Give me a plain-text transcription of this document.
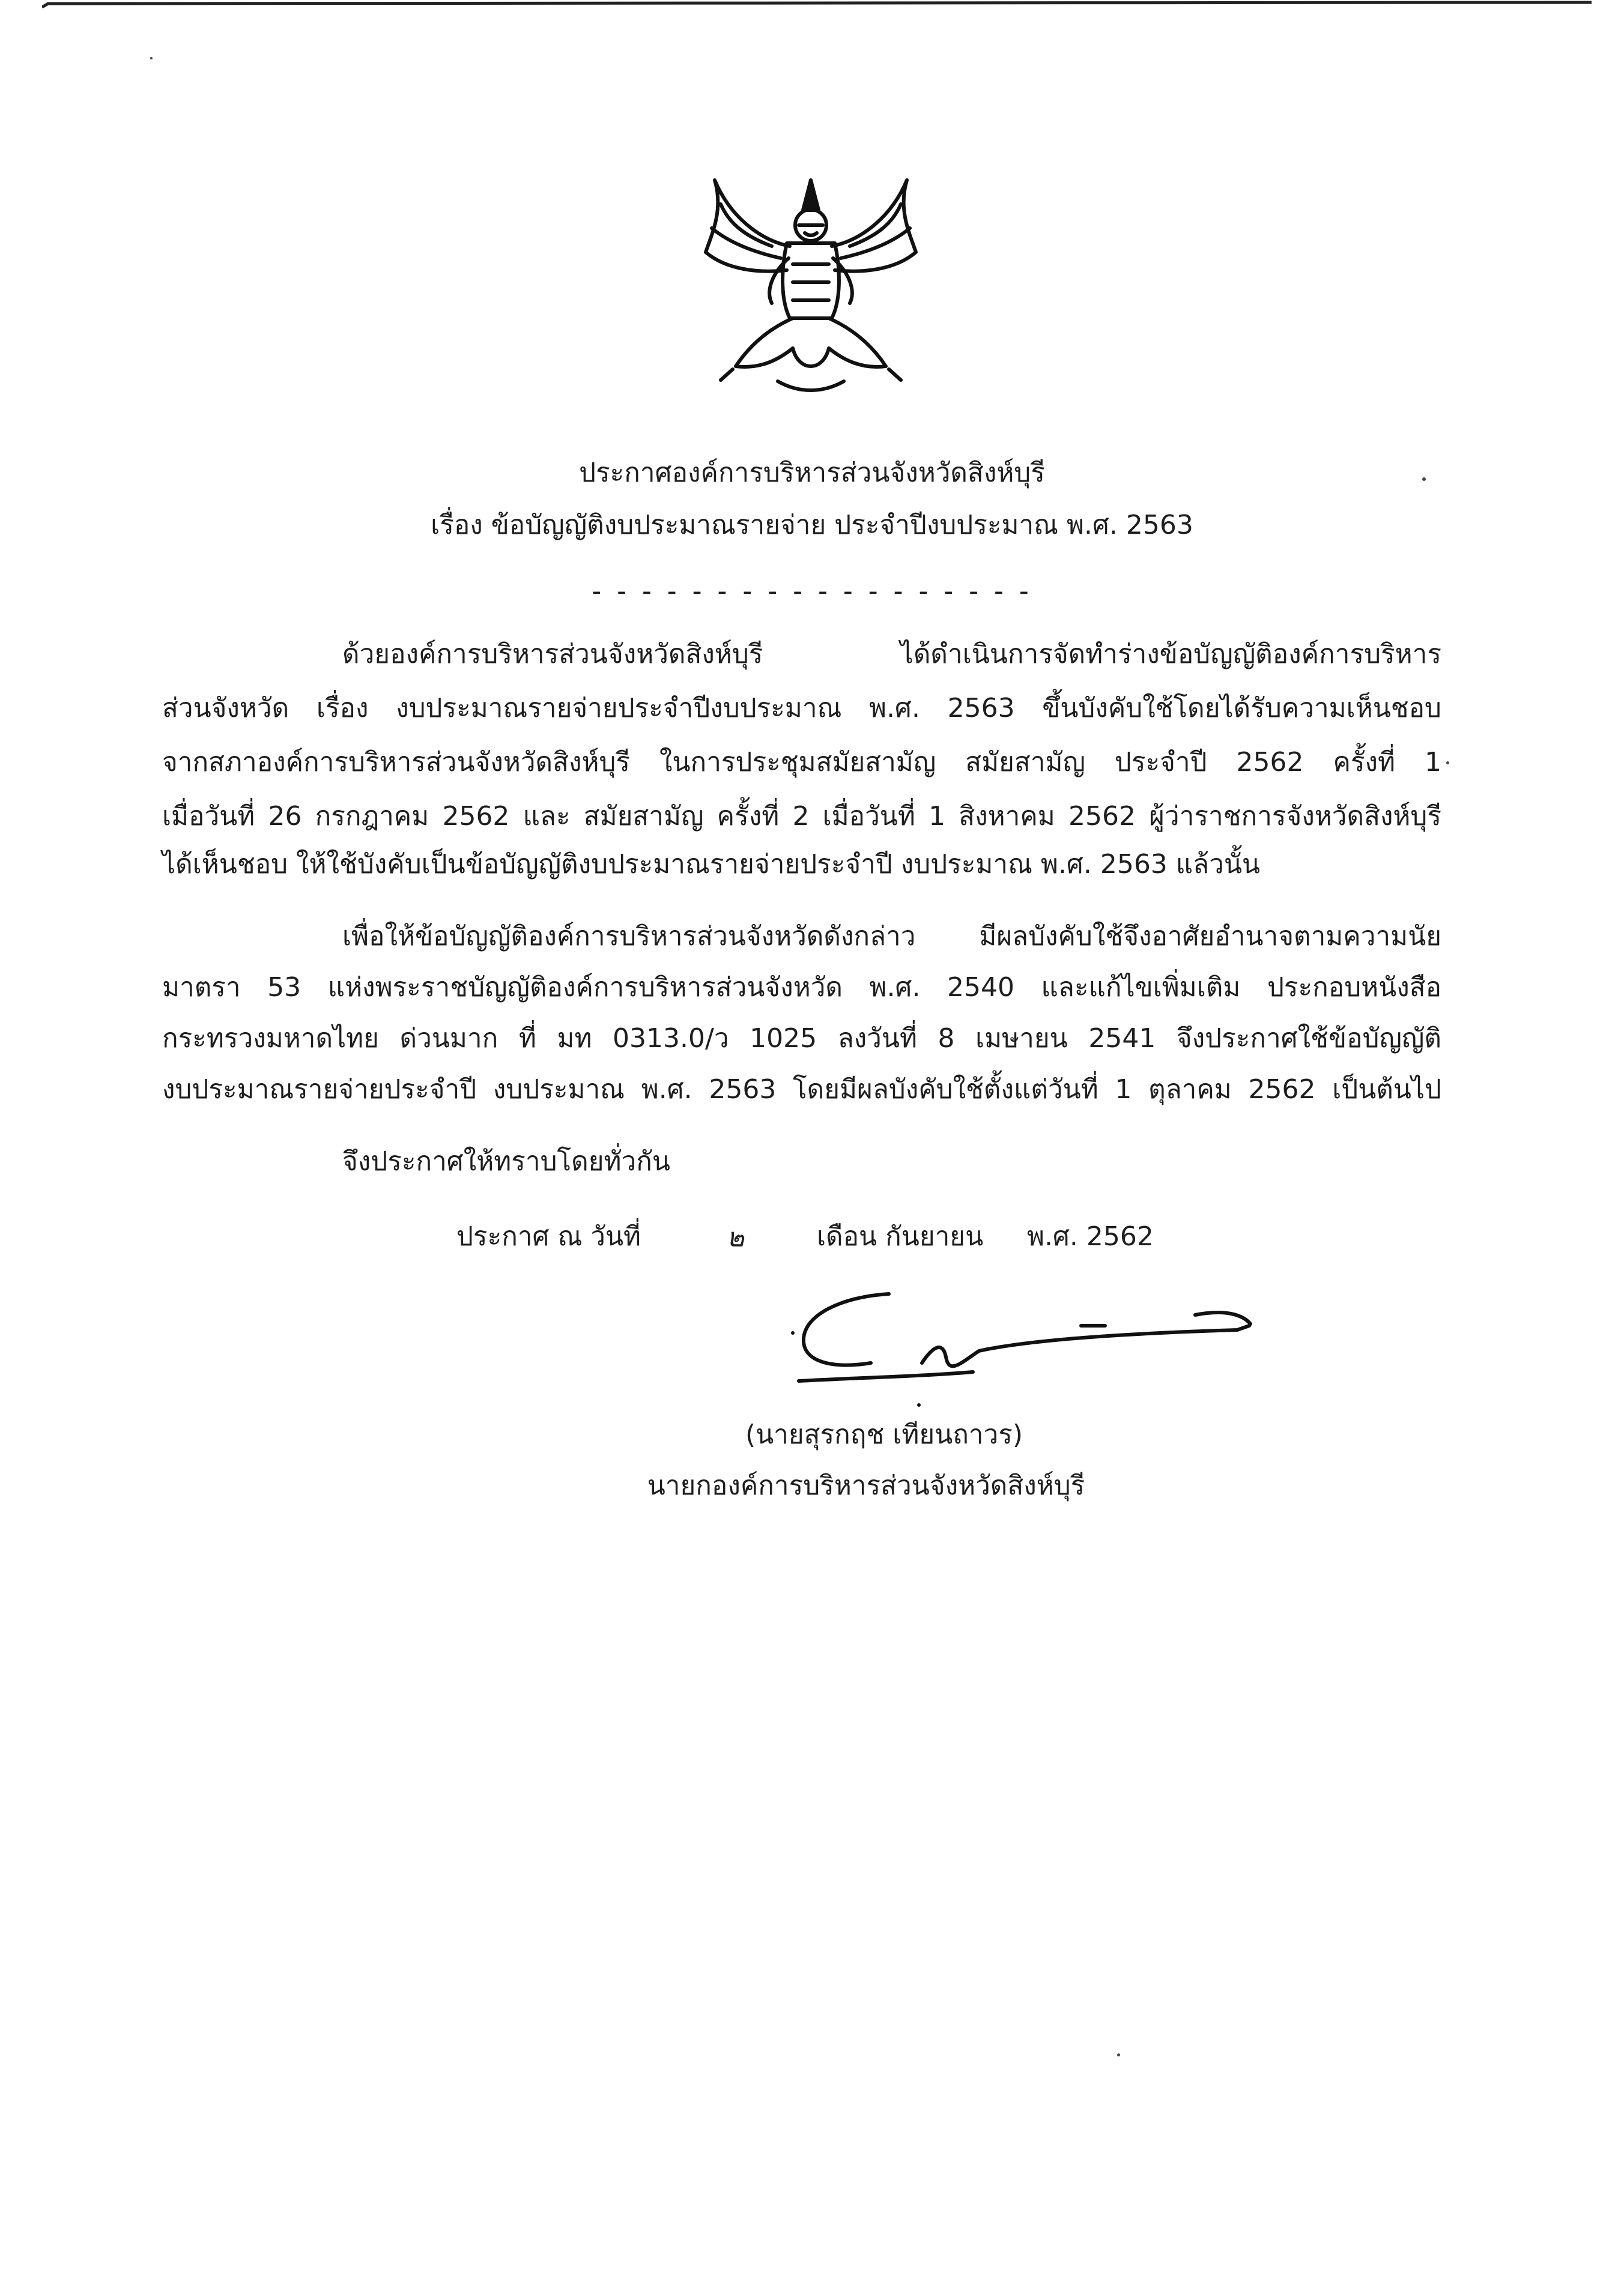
ประกาศองค์การบริหารส่วนจังหวัดสิงห์บุรี
เรื่อง ข้อบัญญัติงบประมาณรายจ่าย ประจำปีงบประมาณ พ.ศ. 2563
- - - - - - - - - - - - - - - - - -
ด้วยองค์การบริหารส่วนจังหวัดสิงห์บุรี ได้ดำเนินการจัดทำร่างข้อบัญญัติองค์การบริหาร
ส่วนจังหวัด เรื่อง งบประมาณรายจ่ายประจำปีงบประมาณ พ.ศ. 2563 ขึ้นบังคับใช้โดยได้รับความเห็นชอบ
จากสภาองค์การบริหารส่วนจังหวัดสิงห์บุรี ในการประชุมสมัยสามัญ สมัยสามัญ ประจำปี 2562 ครั้งที่ 1
เมื่อวันที่ 26 กรกฎาคม 2562 และ สมัยสามัญ ครั้งที่ 2 เมื่อวันที่ 1 สิงหาคม 2562 ผู้ว่าราชการจังหวัดสิงห์บุรี
ได้เห็นชอบ ให้ใช้บังคับเป็นข้อบัญญัติงบประมาณรายจ่ายประจำปี งบประมาณ พ.ศ. 2563 แล้วนั้น
เพื่อให้ข้อบัญญัติองค์การบริหารส่วนจังหวัดดังกล่าว มีผลบังคับใช้จึงอาศัยอำนาจตามความนัย
มาตรา 53 แห่งพระราชบัญญัติองค์การบริหารส่วนจังหวัด พ.ศ. 2540 และแก้ไขเพิ่มเติม ประกอบหนังสือ
กระทรวงมหาดไทย ด่วนมาก ที่ มท 0313.0/ว 1025 ลงวันที่ 8 เมษายน 2541 จึงประกาศใช้ข้อบัญญัติ
งบประมาณรายจ่ายประจำปี งบประมาณ พ.ศ. 2563 โดยมีผลบังคับใช้ตั้งแต่วันที่ 1 ตุลาคม 2562 เป็นต้นไป
จึงประกาศให้ทราบโดยทั่วกัน
ประกาศ ณ วันที่	๒	เดือน กันยายน พ.ศ. 2562
(นายสุรกฤช เทียนถาวร)
นายกองค์การบริหารส่วนจังหวัดสิงห์บุรี
